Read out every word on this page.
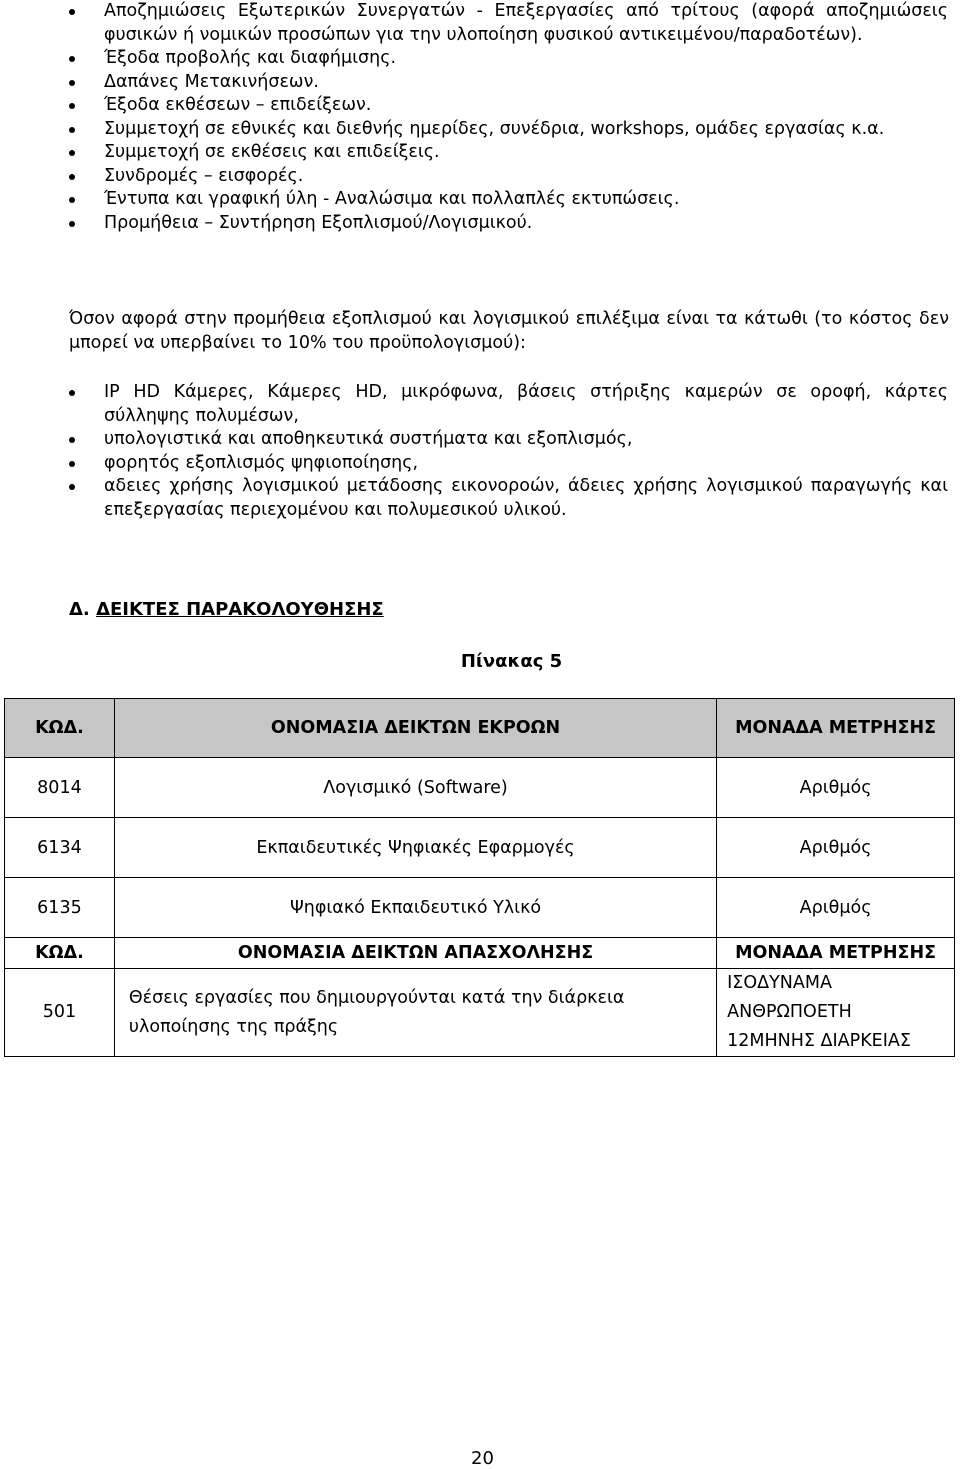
Αποζημιώσεις Εξωτερικών Συνεργατών - Επεξεργασίες από τρίτους (αφορά αποζημιώσεις φυσικών ή νομικών προσώπων για την υλοποίηση φυσικού αντικειμένου/παραδοτέων).
Έξοδα προβολής και διαφήμισης.
Δαπάνες Μετακινήσεων.
Έξοδα εκθέσεων – επιδείξεων.
Συμμετοχή σε εθνικές και διεθνής ημερίδες, συνέδρια, workshops, ομάδες εργασίας κ.α.
Συμμετοχή σε εκθέσεις και επιδείξεις.
Συνδρομές – εισφορές.
Έντυπα και γραφική ύλη - Αναλώσιμα και πολλαπλές εκτυπώσεις.
Προμήθεια – Συντήρηση Εξοπλισμού/Λογισμικού.

Όσον αφορά στην προμήθεια εξοπλισμού και λογισμικού επιλέξιμα είναι τα κάτωθι (το κόστος δεν μπορεί να υπερβαίνει το 10% του προϋπολογισμού):

IP HD Κάμερες, Κάμερες HD, μικρόφωνα, βάσεις στήριξης καμερών σε οροφή, κάρτες σύλληψης πολυμέσων,
υπολογιστικά και αποθηκευτικά συστήματα και εξοπλισμός,
φορητός εξοπλισμός ψηφιοποίησης,
αδειες χρήσης λογισμικού μετάδοσης εικονοροών, άδειες χρήσης λογισμικού παραγωγής και επεξεργασίας περιεχομένου και πολυμεσικού υλικού.
Δ. ΔΕΙΚΤΕΣ ΠΑΡΑΚΟΛΟΥΘΗΣΗΣ
Πίνακας 5
ΚΩΔ.	ΟΝΟΜΑΣΙΑ ΔΕΙΚΤΩΝ ΕΚΡΟΩΝ	ΜΟΝΑΔΑ ΜΕΤΡΗΣΗΣ
8014	Λογισμικό (Software)	Αριθμός
6134	Εκπαιδευτικές Ψηφιακές Εφαρμογές	Αριθμός
6135	Ψηφιακό Εκπαιδευτικό Υλικό	Αριθμός
ΚΩΔ.	ΟΝΟΜΑΣΙΑ ΔΕΙΚΤΩΝ ΑΠΑΣΧΟΛΗΣΗΣ	ΜΟΝΑΔΑ ΜΕΤΡΗΣΗΣ
501	Θέσεις εργασίες που δημιουργούνται κατά την διάρκεια υλοποίησης της πράξης	ΙΣΟΔΥΝΑΜΑ
ΑΝΘΡΩΠΟΕΤΗ
12ΜΗΝΗΣ ΔΙΑΡΚΕΙΑΣ
20
